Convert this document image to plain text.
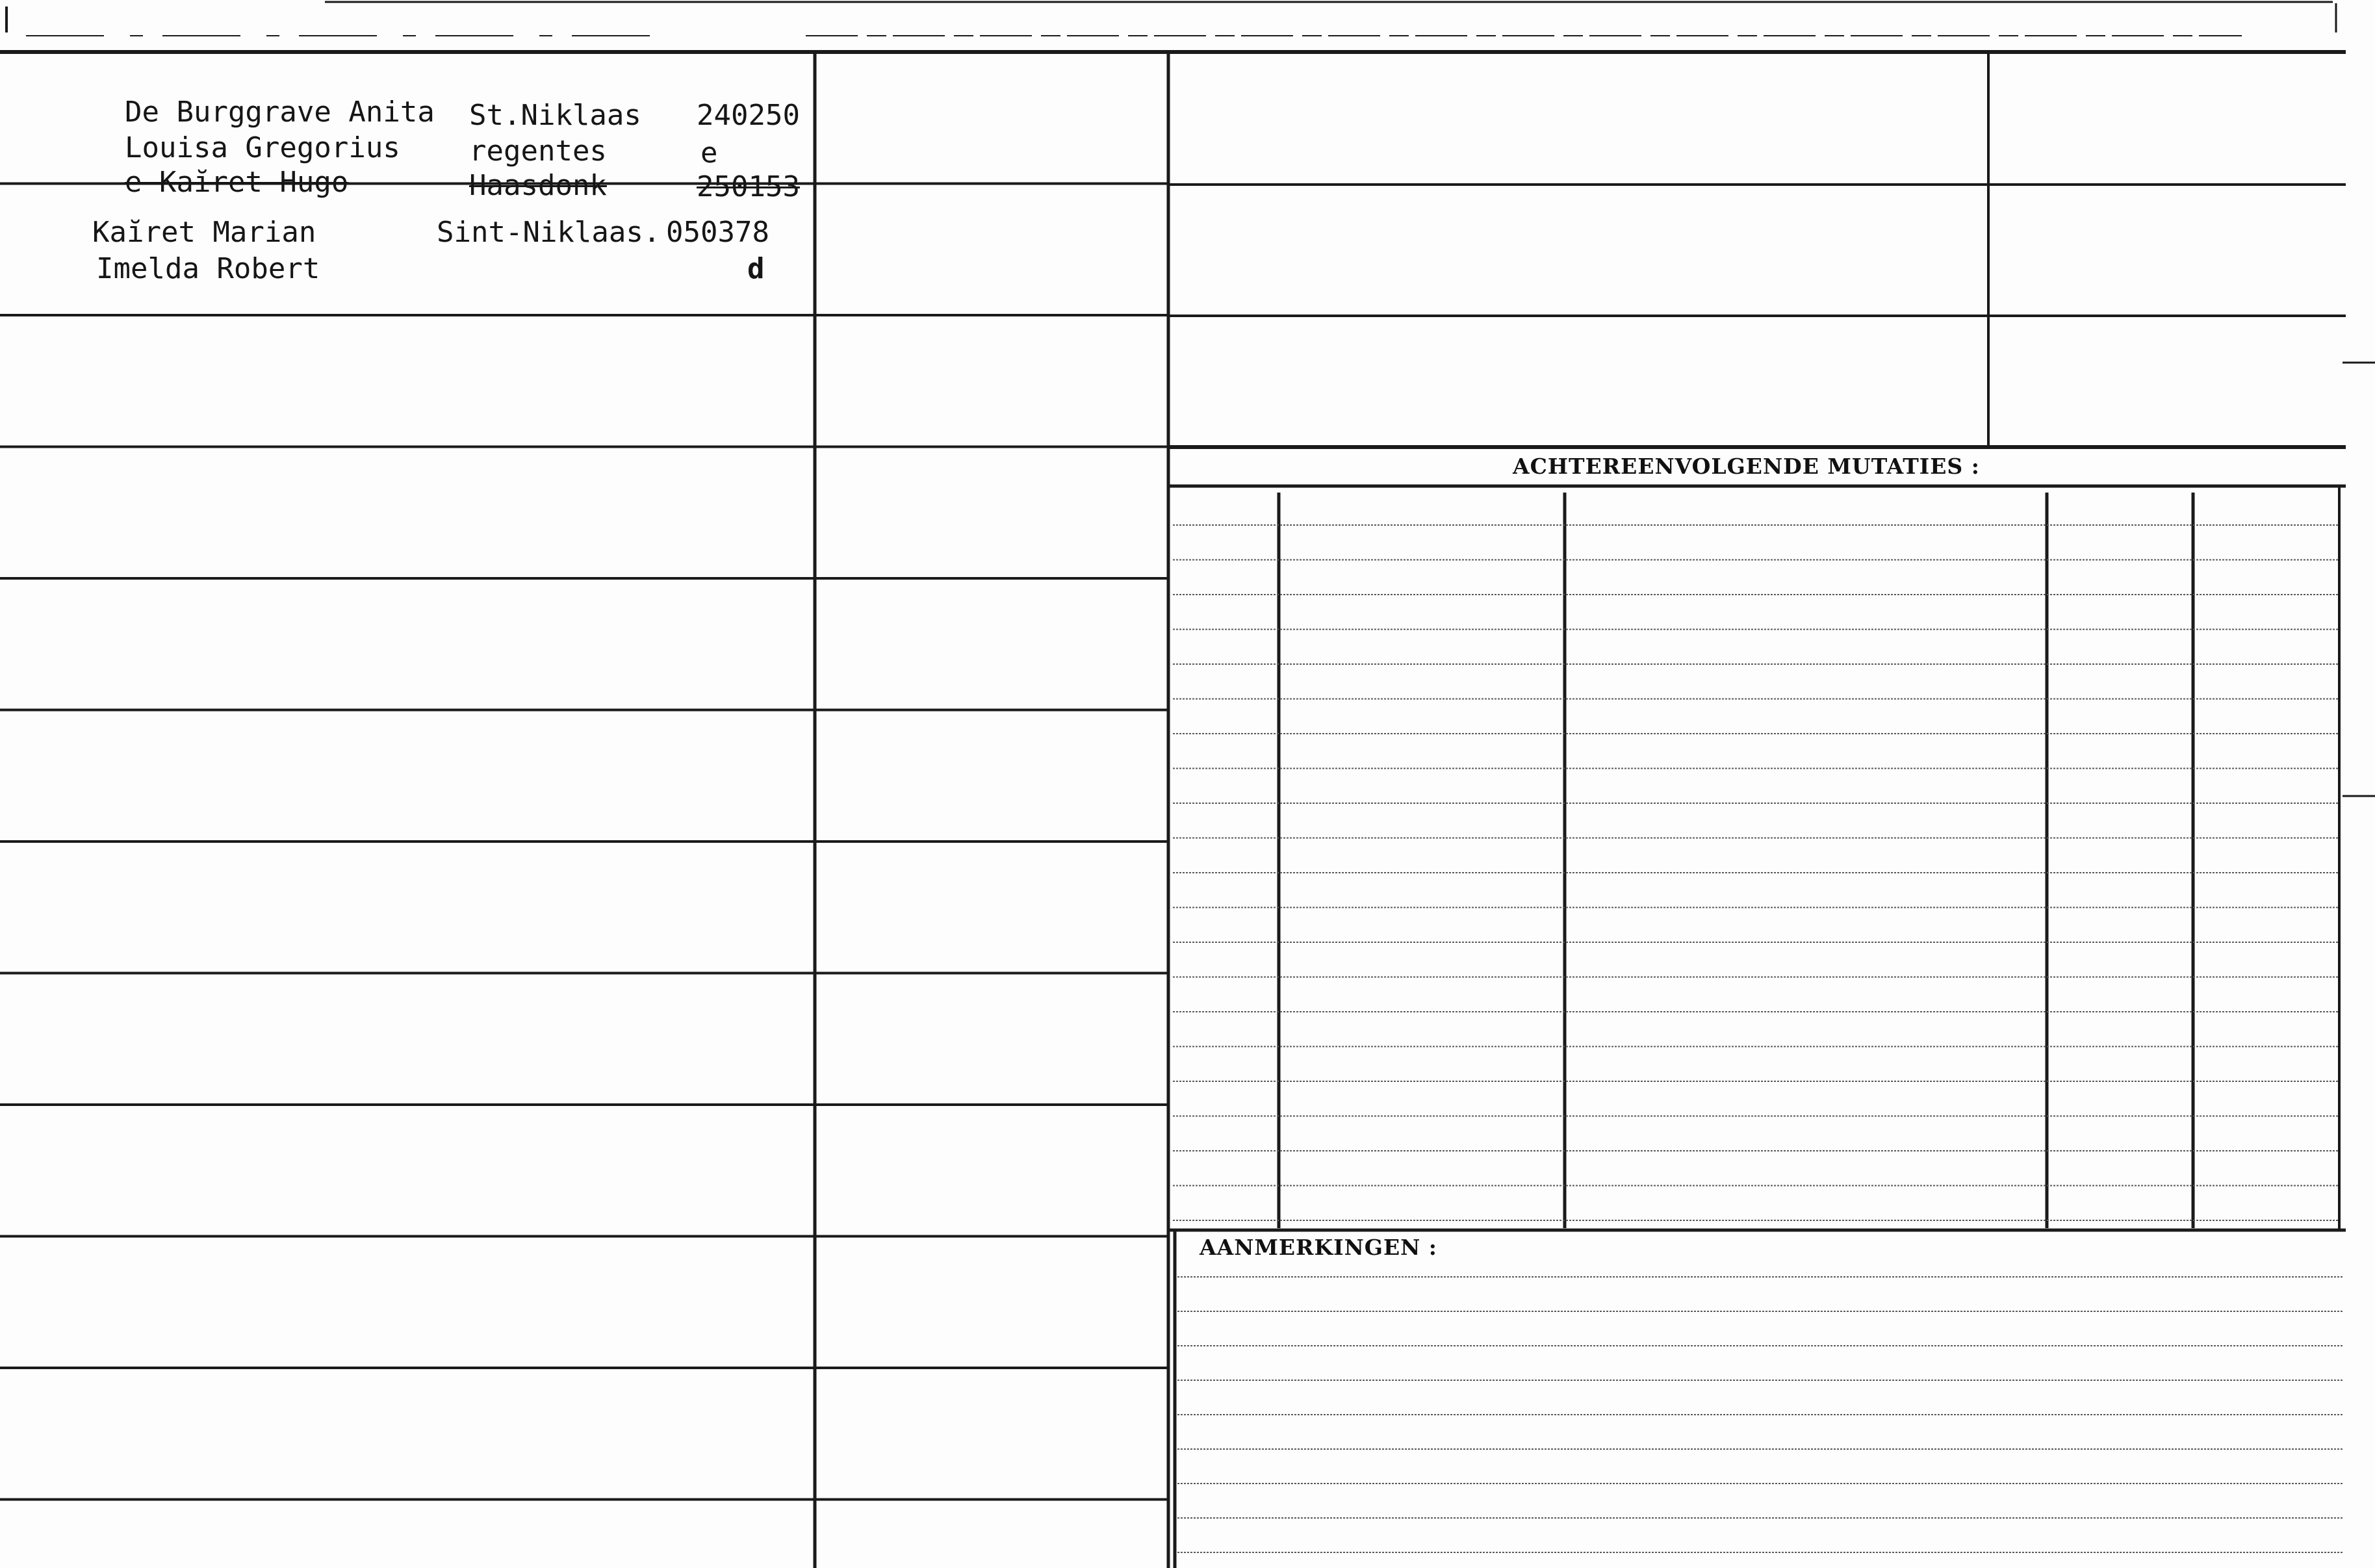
De Burggrave Anita
Louisa Gregorius
e Kaĭret Hugo
St.Niklaas
regentes
Haasdonk
240250
e
250153
Kaĭret Marian
Imelda Robert
Sint-Niklaas. 050378
d
ACHTEREENVOLGENDE MUTATIES :
AANMERKINGEN :
